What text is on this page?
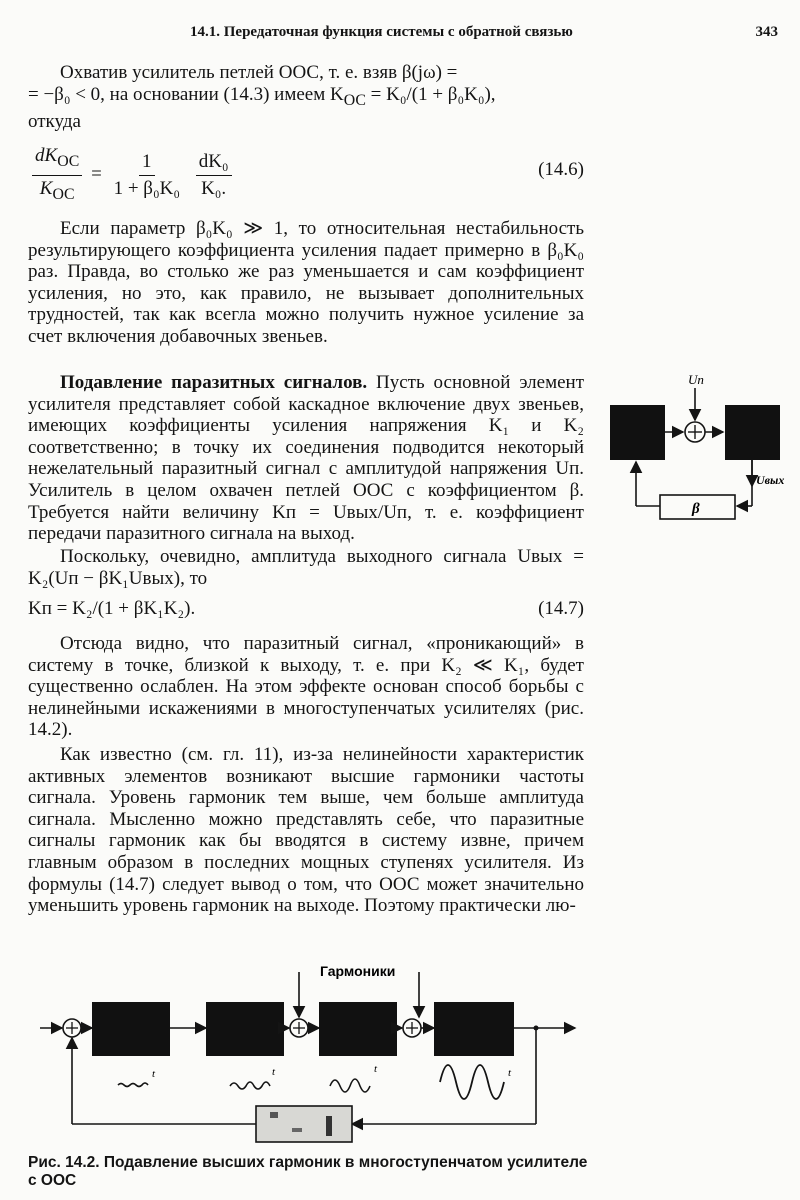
14.1. Передаточная функция системы с обратной связью	343

Охватив усилитель петлей ООС, т. е. взяв β(jω) =

= −β₀ < 0, на основании (14.3) имеем $K_{ОС} = K_0/(1 + \beta_0K_0)$,

откуда

$\frac{dK_{ОС}}{K_{ОС}} = \frac{1}{\text{1 + β₀K₀}}$
$\frac{\text{dK₀}}{\text{K₀.}}$	(14.6)

Если параметр β₀K₀ ≫ 1, то относительная нестабильность результирующего коэффициента усиления падает примерно в β₀K₀ раз. Правда, во столько же раз уменьшается и сам коэффициент усиления, но это, как правило, не вызывает дополнительных трудностей, так как всегла можно получить нужное усиление за счет включения добавочных звеньев.

Подавление паразитных сигналов. Пусть основной элемент усилителя представляет собой каскадное включение двух звеньев, имеющих коэффициенты усиления напряжения K₁ и K₂ соответственно; в точку их соединения подводится некоторый нежелательный паразитный сигнал с амплитудой напряжения Uп. Усилитель в целом охвачен петлей ООС с коэффициентом β. Требуется найти величину Kп = Uвых/Uп, т. е. коэффициент передачи паразитного сигнала на выход.

Поскольку, очевидно, амплитуда выходного сигнала Uвых = K₂(Uп − βK₁Uвых), то

Kп = K₂/(1 + βK₁K₂).	(14.7)

Отсюда видно, что паразитный сигнал, «проникающий» в систему в точке, близкой к выходу, т. е. при K₂ ≪ K₁, будет существенно ослаблен. На этом эффекте основан способ борьбы с нелинейными искажениями в многоступенчатых усилителях (рис. 14.2).

Как известно (см. гл. 11), из-за нелинейности характеристик активных элементов возникают высшие гармоники частоты сигнала. Уровень гармоник тем выше, чем больше амплитуда сигнала. Мысленно можно представлять себе, что паразитные сигналы гармоник как бы вводятся в систему извне, причем главным образом в последних мощных ступенях усилителя. Из формулы (14.7) следует вывод о том, что ООС может значительно уменьшить уровень гармоник на выходе. Поэтому практически лю-

Uп
Uвых
β
Гармоники
t	t	t	t
Рис. 14.2. Подавление высших гармоник в многоступенчатом усилителе с ООС
